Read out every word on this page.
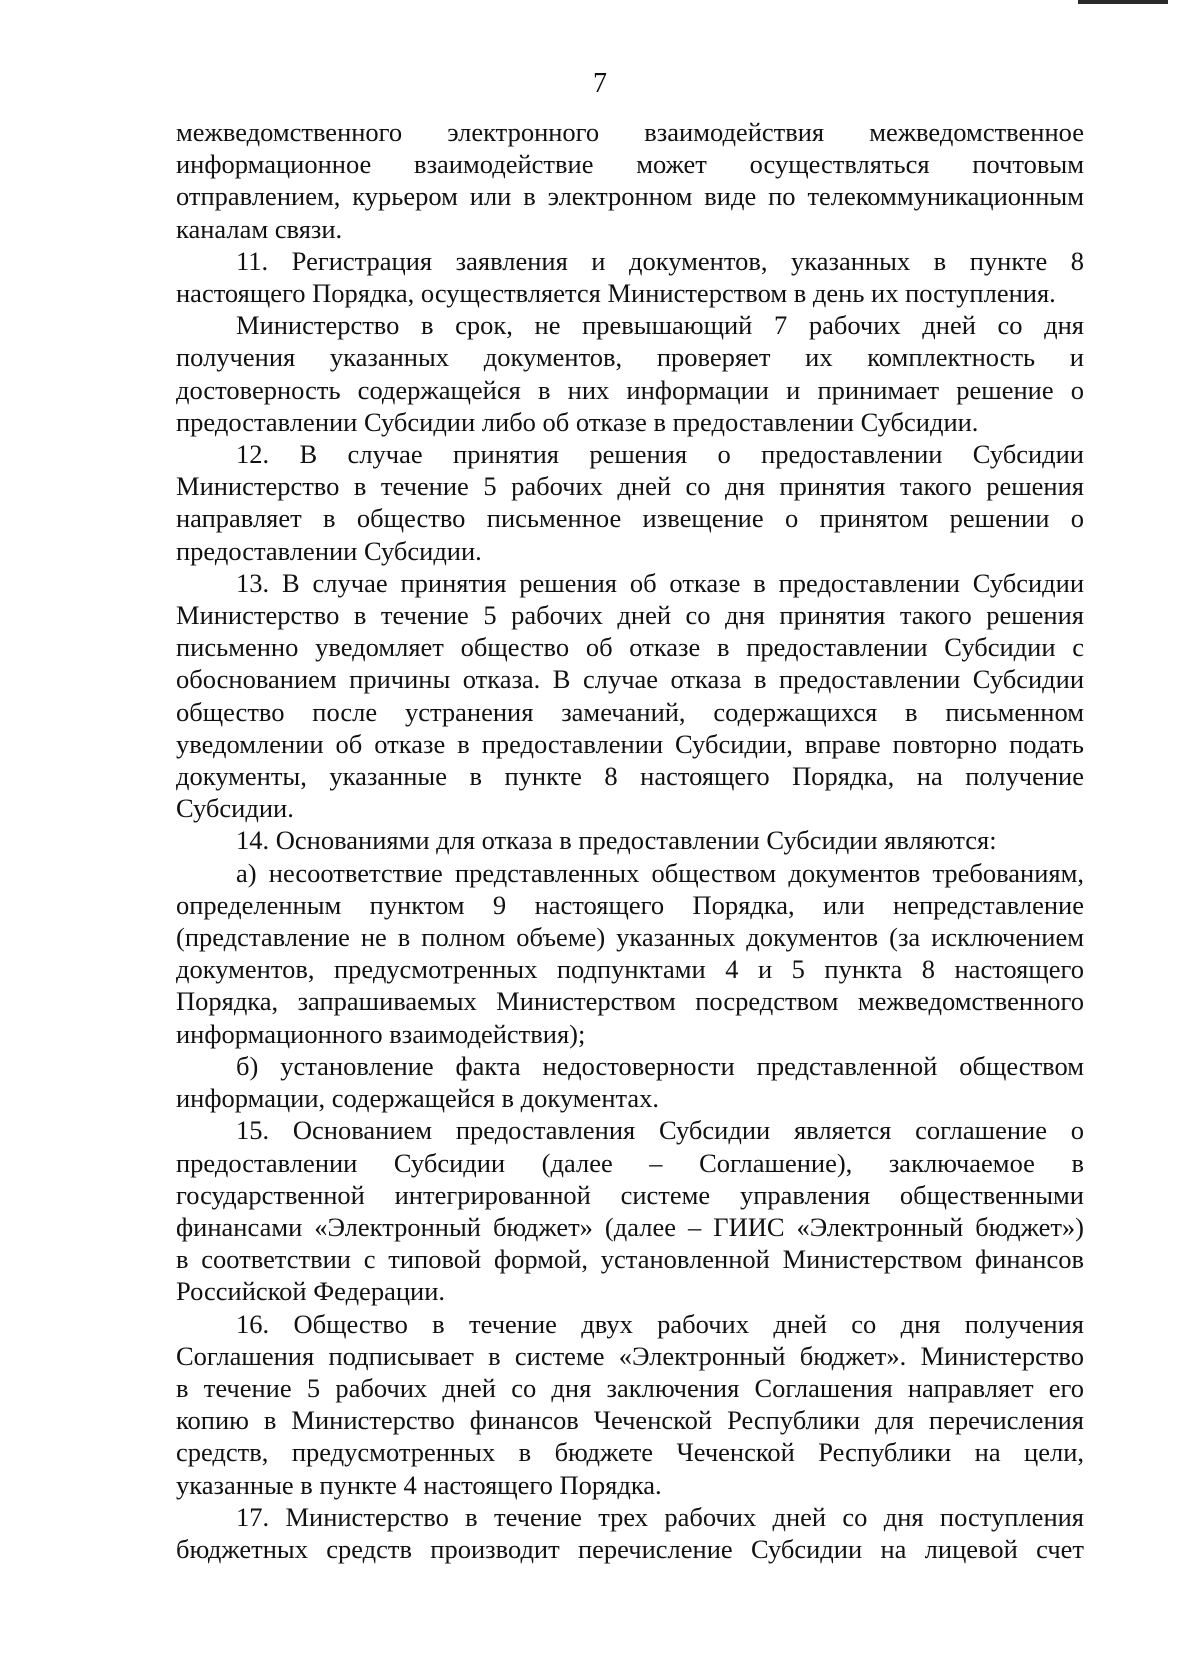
7

межведомственного электронного взаимодействия межведомственное

информационное взаимодействие может осуществляться почтовым

отправлением, курьером или в электронном виде по телекоммуникационным

каналам связи.

11. Регистрация заявления и документов, указанных в пункте 8

настоящего Порядка, осуществляется Министерством в день их поступления.

Министерство в срок, не превышающий 7 рабочих дней со дня

получения указанных документов, проверяет их комплектность и

достоверность содержащейся в них информации и принимает решение о

предоставлении Субсидии либо об отказе в предоставлении Субсидии.

12. В случае принятия решения о предоставлении Субсидии

Министерство в течение 5 рабочих дней со дня принятия такого решения

направляет в общество письменное извещение о принятом решении о

предоставлении Субсидии.

13. В случае принятия решения об отказе в предоставлении Субсидии

Министерство в течение 5 рабочих дней со дня принятия такого решения

письменно уведомляет общество об отказе в предоставлении Субсидии с

обоснованием причины отказа. В случае отказа в предоставлении Субсидии

общество после устранения замечаний, содержащихся в письменном

уведомлении об отказе в предоставлении Субсидии, вправе повторно подать

документы, указанные в пункте 8 настоящего Порядка, на получение

Субсидии.

14. Основаниями для отказа в предоставлении Субсидии являются:

а) несоответствие представленных обществом документов требованиям,

определенным пунктом 9 настоящего Порядка, или непредставление

(представление не в полном объеме) указанных документов (за исключением

документов, предусмотренных подпунктами 4 и 5 пункта 8 настоящего

Порядка, запрашиваемых Министерством посредством межведомственного

информационного взаимодействия);

б) установление факта недостоверности представленной обществом

информации, содержащейся в документах.

15. Основанием предоставления Субсидии является соглашение о

предоставлении Субсидии (далее – Соглашение), заключаемое в

государственной интегрированной системе управления общественными

финансами «Электронный бюджет» (далее – ГИИС «Электронный бюджет»)

в соответствии с типовой формой, установленной Министерством финансов

Российской Федерации.

16. Общество в течение двух рабочих дней со дня получения

Соглашения подписывает в системе «Электронный бюджет». Министерство

в течение 5 рабочих дней со дня заключения Соглашения направляет его

копию в Министерство финансов Чеченской Республики для перечисления

средств, предусмотренных в бюджете Чеченской Республики на цели,

указанные в пункте 4 настоящего Порядка.

17. Министерство в течение трех рабочих дней со дня поступления

бюджетных средств производит перечисление Субсидии на лицевой счет
